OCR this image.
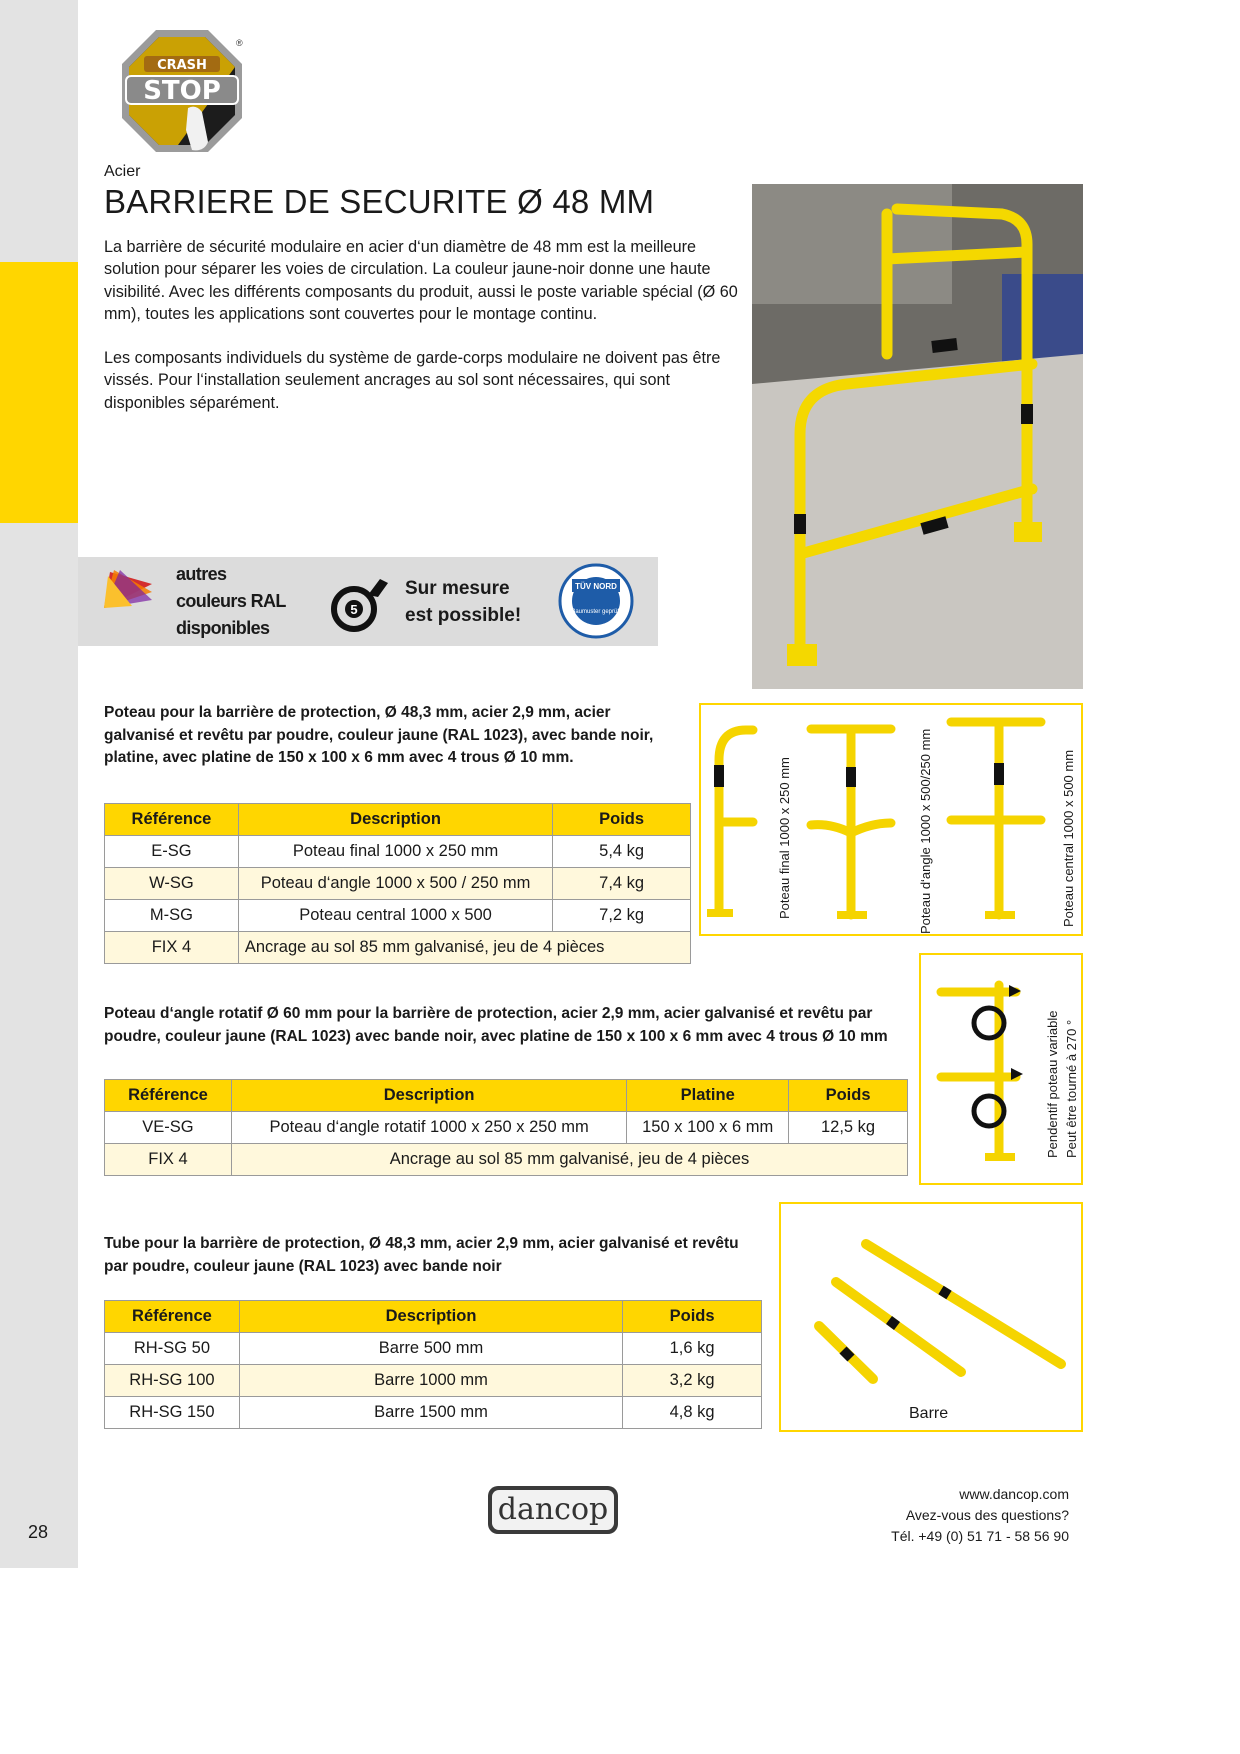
28
CRASH
STOP
®
Acier
BARRIERE DE SECURITE Ø 48 MM

La barrière de sécurité modulaire en acier d‘un diamètre de 48 mm est la meilleure solution pour séparer les voies de circulation. La couleur jaune-noir donne une haute visibilité. Avec les différents composants du produit, aussi le poste variable spécial (Ø 60 mm), toutes les applications sont couvertes pour le montage continu.

Les composants individuels du système de garde-corps modulaire ne doivent pas être vissés. Pour l‘installation seulement ancrages au sol sont nécessaires, qui sont disponibles séparément.

autres
couleurs RAL
disponibles
5
Sur mesure
est possible!
TÜV NORD
Baumuster geprüft
Poteau pour la barrière de protection, Ø 48,3 mm, acier 2,9 mm, acier galvanisé et revêtu par poudre, couleur jaune (RAL 1023), avec bande noir, platine, avec platine de 150 x 100 x 6 mm avec 4 trous Ø 10 mm.
Référence	Description	Poids
E-SG	Poteau final 1000 x 250 mm	5,4 kg
W-SG	Poteau d‘angle 1000 x 500 / 250 mm	7,4 kg
M-SG	Poteau central 1000 x 500	7,2 kg
FIX 4	Ancrage au sol 85 mm galvanisé, jeu de 4 pièces	
Poteau final 1000 x 250 mm	Poteau d‘angle 1000 x 500/250 mm	Poteau central 1000 x 500 mm
Poteau d‘angle rotatif Ø 60 mm pour la barrière de protection, acier 2,9 mm, acier galvanisé et revêtu par poudre, couleur jaune (RAL 1023) avec bande noir, avec platine de 150 x 100 x 6 mm avec 4 trous Ø 10 mm
Référence	Description	Platine	Poids
VE-SG	Poteau d‘angle rotatif 1000 x 250 x 250 mm	150 x 100 x 6 mm	12,5 kg
FIX 4	Ancrage au sol 85 mm galvanisé, jeu de 4 pièces		
Pendentif poteau variable Peut être tourné à 270 °
Tube pour la barrière de protection, Ø 48,3 mm, acier 2,9 mm, acier galvanisé et revêtu par poudre, couleur jaune (RAL 1023) avec bande noir
Référence	Description	Poids
RH-SG 50	Barre 500 mm	1,6 kg
RH-SG 100	Barre 1000 mm	3,2 kg
RH-SG 150	Barre 1500 mm	4,8 kg	Barre
dancop	www.dancop.com
Avez-vous des questions?
Tél. +49 (0) 51 71 - 58 56 90
